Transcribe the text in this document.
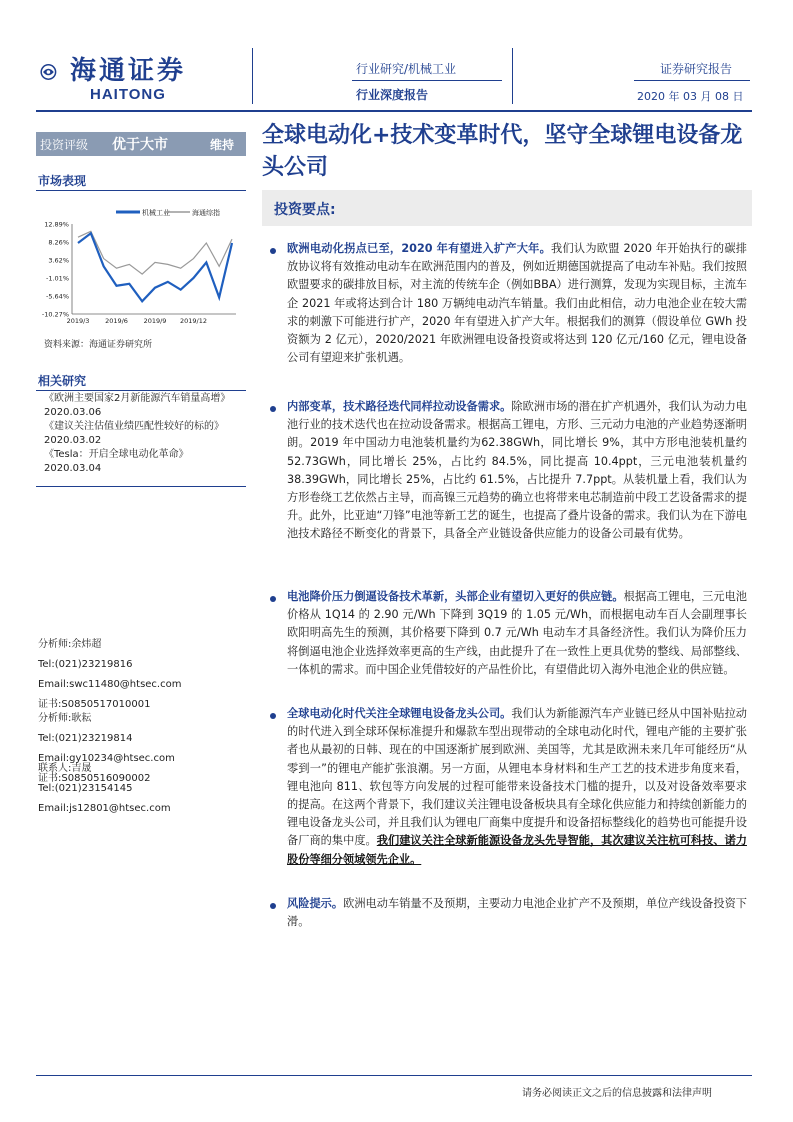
海通证券
HAITONG
行业研究/机械工业
行业深度报告
证券研究报告
2020 年 03 月 08 日
投资评级 优于大市	维持
市场表现
机械工业	海通综指
12.89%
8.26%
3.62%
-1.01%
-5.64%
-10.27%
2019/3 2019/6 2019/9 2019/12
资料来源：海通证券研究所
相关研究
《欧洲主要国家2月新能源汽车销量高增》
2020.03.06
《建议关注估值业绩匹配性较好的标的》
2020.03.02
《Tesla：开启全球电动化革命》
2020.03.04
分析师:余炜超
Tel:(021)23219816
Email:swc11480@htsec.com
证书:S0850517010001
分析师:耿耘
Tel:(021)23219814
Email:gy10234@htsec.com
证书:S0850516090002
联系人:吉晟
Tel:(021)23154145
Email:js12801@htsec.com
全球电动化+技术变革时代，坚守全球锂电设备龙头公司
投资要点:
欧洲电动化拐点已至，2020 年有望进入扩产大年。我们认为欧盟 2020 年开始执行的碳排放协议将有效推动电动车在欧洲范围内的普及，例如近期德国就提高了电动车补贴。我们按照欧盟要求的碳排放目标，对主流的传统车企（例如BBA）进行测算，发现为实现目标，主流车企 2021 年或将达到合计 180 万辆纯电动汽车销量。我们由此相信，动力电池企业在较大需求的刺激下可能进行扩产，2020 年有望进入扩产大年。根据我们的测算（假设单位 GWh 投资额为 2 亿元），2020/2021 年欧洲锂电设备投资或将达到 120 亿元/160 亿元，锂电设备公司有望迎来扩张机遇。
内部变革，技术路径迭代同样拉动设备需求。除欧洲市场的潜在扩产机遇外，我们认为动力电池行业的技术迭代也在拉动设备需求。根据高工锂电，方形、三元动力电池的产业趋势逐渐明朗。2019 年中国动力电池装机量约为62.38GWh，同比增长 9%，其中方形电池装机量约 52.73GWh，同比增长 25%，占比约 84.5%，同比提高 10.4ppt，三元电池装机量约 38.39GWh，同比增长 25%，占比约 61.5%，占比提升 7.7ppt。从装机量上看，我们认为方形卷绕工艺依然占主导，而高镍三元趋势的确立也将带来电芯制造前中段工艺设备需求的提升。此外，比亚迪“刀锋”电池等新工艺的诞生，也提高了叠片设备的需求。我们认为在下游电池技术路径不断变化的背景下，具备全产业链设备供应能力的设备公司最有优势。
电池降价压力倒逼设备技术革新，头部企业有望切入更好的供应链。根据高工锂电，三元电池价格从 1Q14 的 2.90 元/Wh 下降到 3Q19 的 1.05 元/Wh，而根据电动车百人会副理事长欧阳明高先生的预测，其价格要下降到 0.7 元/Wh 电动车才具备经济性。我们认为降价压力将倒逼电池企业选择效率更高的生产线，由此提升了在一致性上更具优势的整线、局部整线、一体机的需求。而中国企业凭借较好的产品性价比，有望借此切入海外电池企业的供应链。
全球电动化时代关注全球锂电设备龙头公司。我们认为新能源汽车产业链已经从中国补贴拉动的时代进入到全球环保标准提升和爆款车型出现带动的全球电动化时代，锂电产能的主要扩张者也从最初的日韩、现在的中国逐渐扩展到欧洲、美国等，尤其是欧洲未来几年可能经历“从零到一”的锂电产能扩张浪潮。另一方面，从锂电本身材料和生产工艺的技术进步角度来看，锂电池向 811、软包等方向发展的过程可能带来设备技术门槛的提升，以及对设备效率要求的提高。在这两个背景下，我们建议关注锂电设备板块具有全球化供应能力和持续创新能力的锂电设备龙头公司，并且我们认为锂电厂商集中度提升和设备招标整线化的趋势也可能提升设备厂商的集中度。我们建议关注全球新能源设备龙头先导智能，其次建议关注杭可科技、诺力股份等细分领域领先企业。
风险提示。欧洲电动车销量不及预期，主要动力电池企业扩产不及预期，单位产线设备投资下滑。
请务必阅读正文之后的信息披露和法律声明
